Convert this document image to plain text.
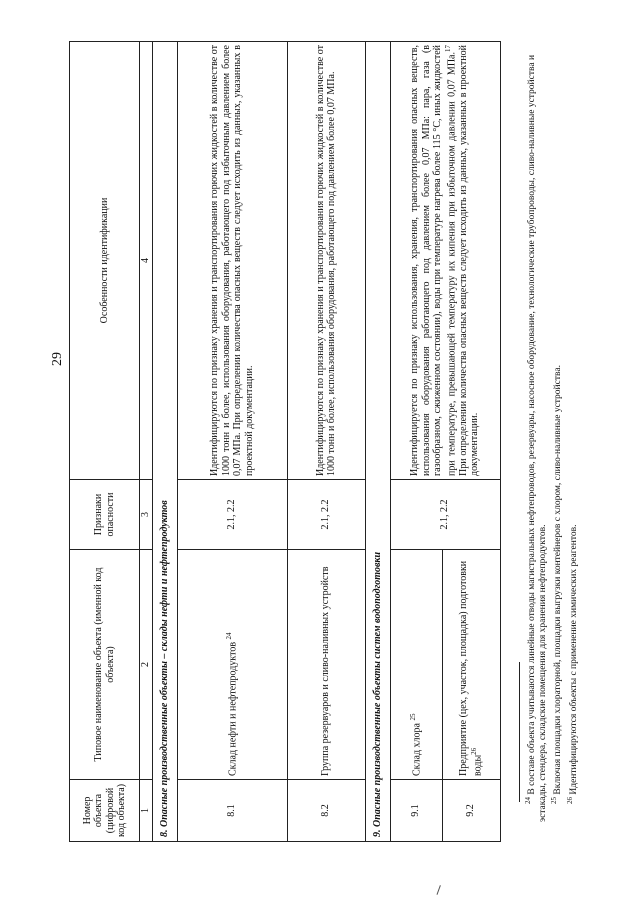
29
Номер объекта (цифровой код объекта)	Типовое наименование объекта (именной код объекта)	Признаки опасности	Особенности идентификации
1	2	3	4
8. Опасные производственные объекты – склады нефти и нефтепродуктов			
8.1	Склад нефти и нефтепродуктов $^{24}$	2.1, 2.2	Идентифицируются по признаку хранения и транспортирования горючих жидкостей в количестве от 1000 тонн и более, использования оборудования, работающего под избыточным давлением более 0,07 МПа. При определении количества опасных веществ следует исходить из данных, указанных в проектной документации.
8.2	Группа резервуаров и сливо-наливных устройств	2.1, 2.2	Идентифицируются по признаку хранения и транспортирования горючих жидкостей в количестве от 1000 тонн и более, использования оборудования, работающего под давлением более 0,07 МПа.
9. Опасные производственные объекты систем водоподготовки			
9.1	Склад хлора $^{25}$	2.1, 2.2	Идентифицируется по признаку использования, хранения, транспортирования опасных веществ, использования оборудования работающего под давлением более 0,07 МПа: пара, газа (в газообразном, сжиженном состоянии), воды при температуре нагрева более 115 °С, иных жидкостей при температуре, превышающей температуру их кипения при избыточном давлении 0,07 МПа.$^{17}$ При определении количества опасных веществ следует исходить из данных, указанных в проектной документации.
9.2	Предприятие (цех, участок, площадка) подготовки воды$^{26}$

$^{24}$ В составе объекта учитываются линейные отводы магистральных нефтепроводов, резервуары, насосное оборудование, технологические трубопроводы, сливо-наливные устройства и эстакады, стендера, складские помещения для хранения нефтепродуктов. $^{25}$ Включая площадки хлораторной, площадки выгрузки контейнеров с хлором, сливо-наливные устройства.

$^{26}$ Идентифицируются объекты с применение химических реагентов.
